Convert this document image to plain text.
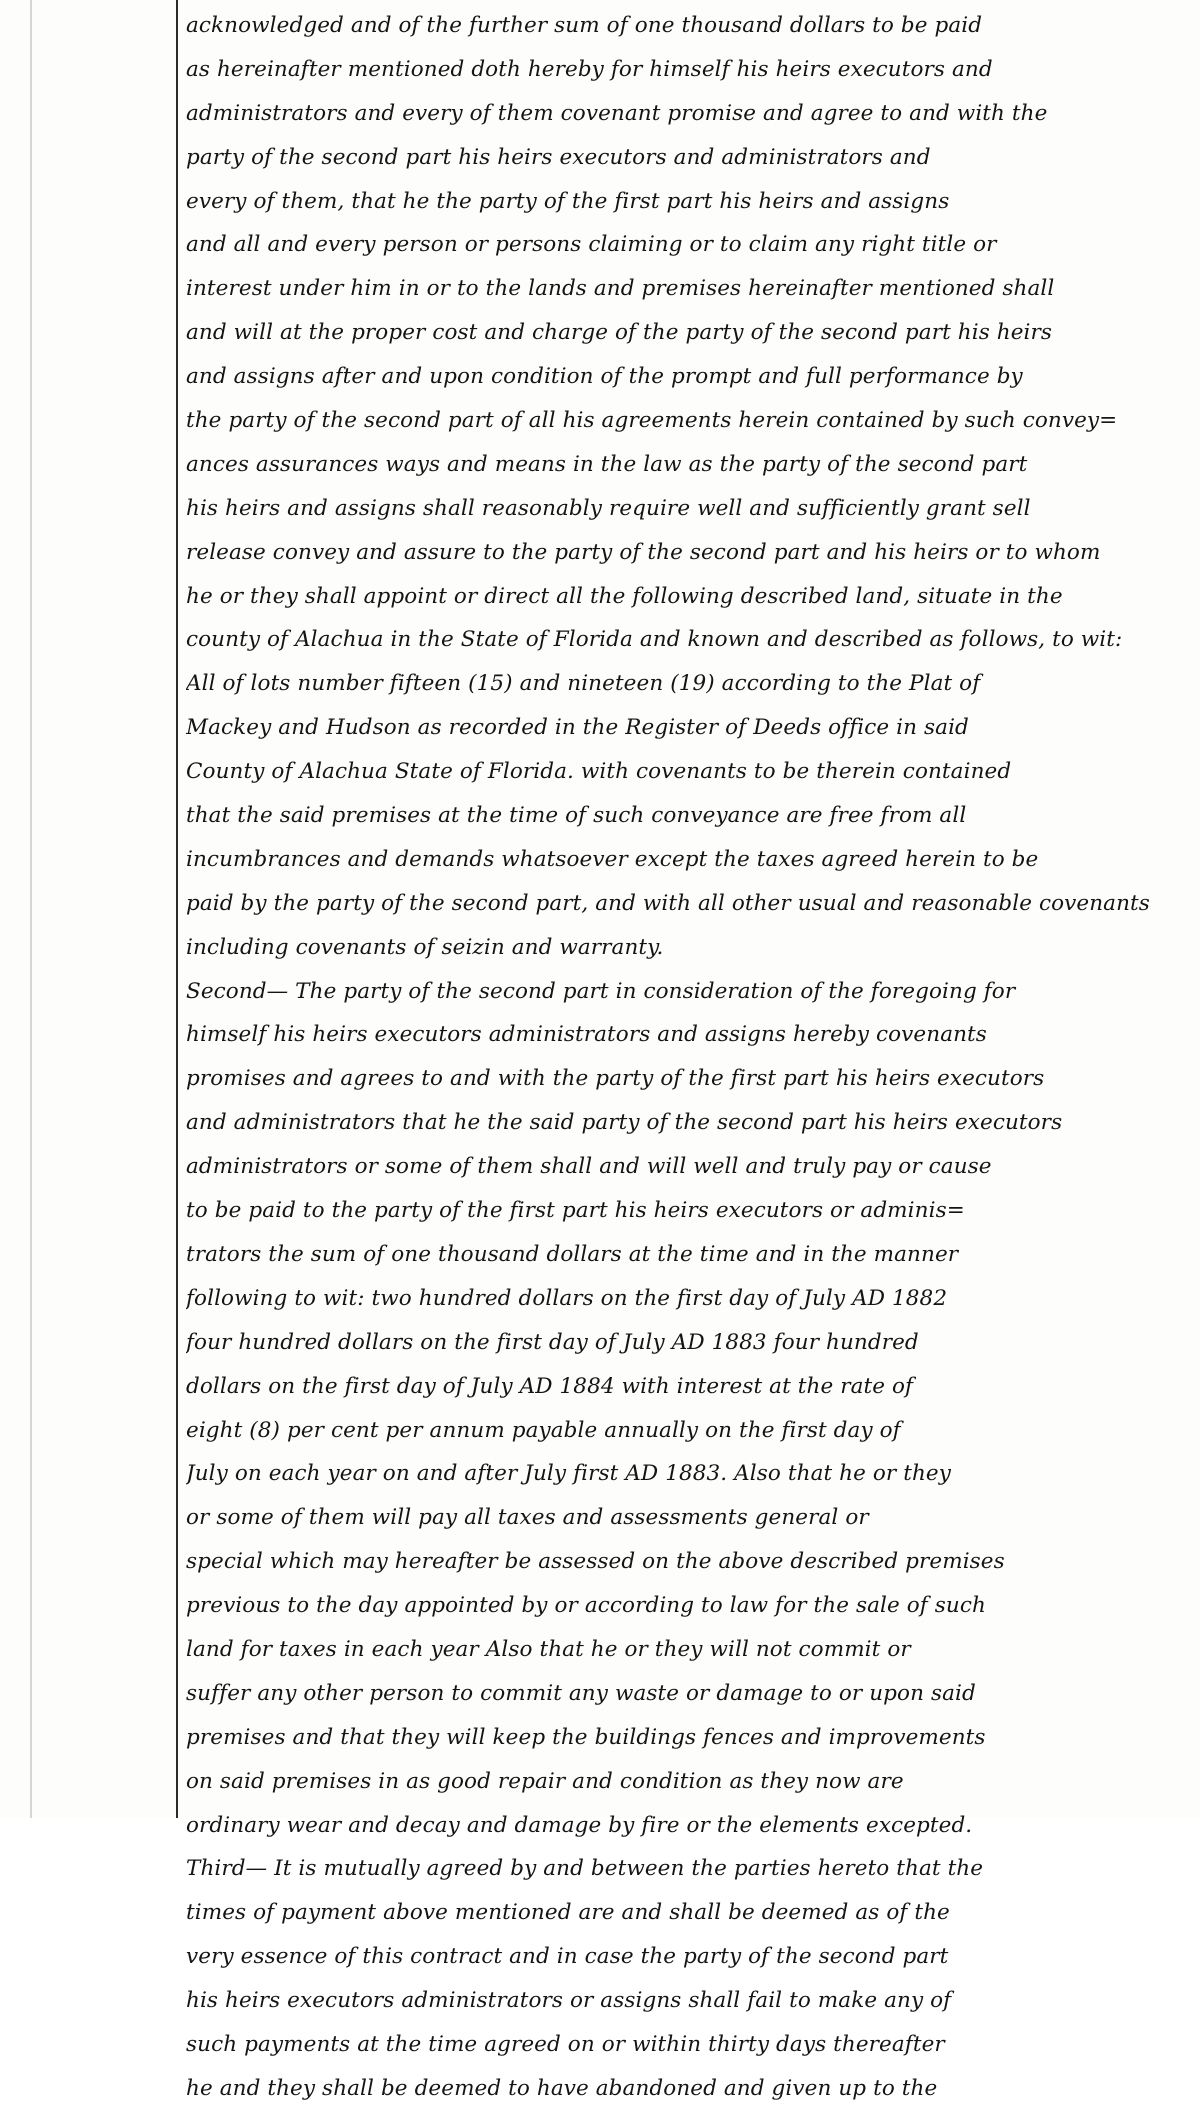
acknowledged and of the further sum of one thousand dollars to be paid
as hereinafter mentioned doth hereby for himself his heirs executors and
administrators and every of them covenant promise and agree to and with the
party of the second part his heirs executors and administrators and
every of them, that he the party of the first part his heirs and assigns
and all and every person or persons claiming or to claim any right title or
interest under him in or to the lands and premises hereinafter mentioned shall
and will at the proper cost and charge of the party of the second part his heirs
and assigns after and upon condition of the prompt and full performance by
the party of the second part of all his agreements herein contained by such convey=
ances assurances ways and means in the law as the party of the second part
his heirs and assigns shall reasonably require well and sufficiently grant sell
release convey and assure to the party of the second part and his heirs or to whom
he or they shall appoint or direct all the following described land, situate in the
county of Alachua in the State of Florida and known and described as follows, to wit:
All of lots number fifteen (15) and nineteen (19) according to the Plat of
Mackey and Hudson as recorded in the Register of Deeds office in said
County of Alachua State of Florida. with covenants to be therein contained
that the said premises at the time of such conveyance are free from all
incumbrances and demands whatsoever except the taxes agreed herein to be
paid by the party of the second part, and with all other usual and reasonable covenants
including covenants of seizin and warranty.
Second— The party of the second part in consideration of the foregoing for
himself his heirs executors administrators and assigns hereby covenants
promises and agrees to and with the party of the first part his heirs executors
and administrators that he the said party of the second part his heirs executors
administrators or some of them shall and will well and truly pay or cause
to be paid to the party of the first part his heirs executors or adminis=
trators the sum of one thousand dollars at the time and in the manner
following to wit: two hundred dollars on the first day of July AD 1882
four hundred dollars on the first day of July AD 1883 four hundred
dollars on the first day of July AD 1884 with interest at the rate of
eight (8) per cent per annum payable annually on the first day of
July on each year on and after July first AD 1883. Also that he or they
or some of them will pay all taxes and assessments general or
special which may hereafter be assessed on the above described premises
previous to the day appointed by or according to law for the sale of such
land for taxes in each year Also that he or they will not commit or
suffer any other person to commit any waste or damage to or upon said
premises and that they will keep the buildings fences and improvements
on said premises in as good repair and condition as they now are
ordinary wear and decay and damage by fire or the elements excepted.
Third— It is mutually agreed by and between the parties hereto that the
times of payment above mentioned are and shall be deemed as of the
very essence of this contract and in case the party of the second part
his heirs executors administrators or assigns shall fail to make any of
such payments at the time agreed on or within thirty days thereafter
he and they shall be deemed to have abandoned and given up to the
